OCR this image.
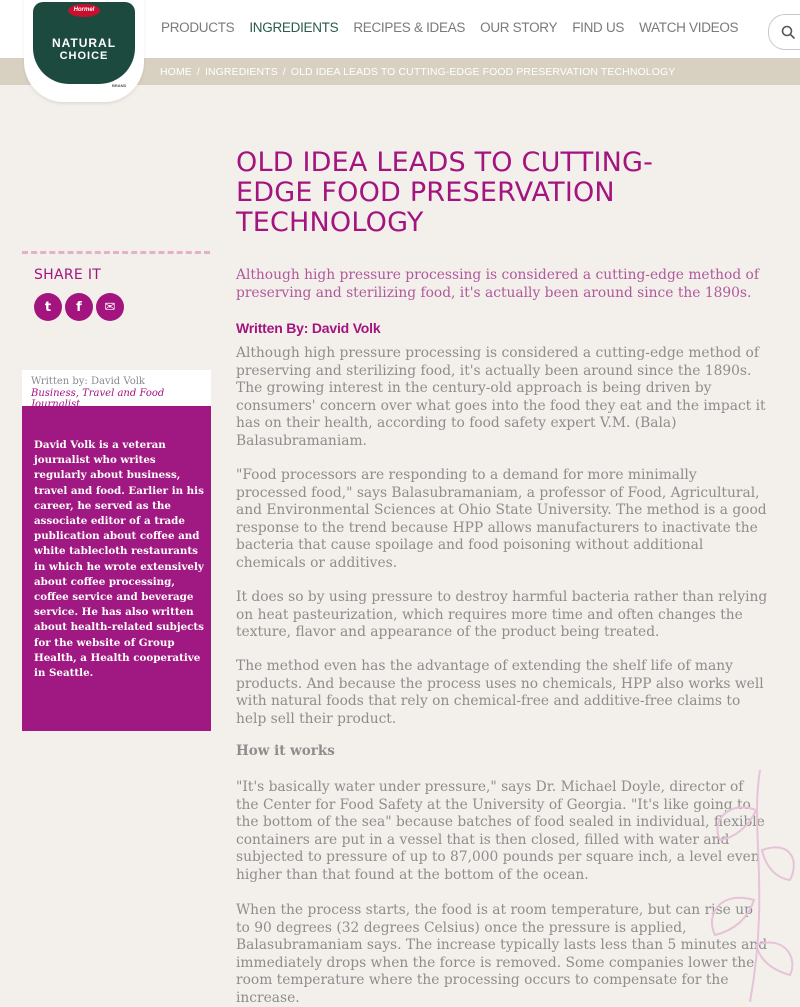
HOME / INGREDIENTS / OLD IDEA LEADS TO CUTTING-EDGE FOOD PRESERVATION TECHNOLOGY
Hormel
NATURAL
CHOICE
BRAND
PRODUCTS INGREDIENTS RECIPES & IDEAS OUR STORY FIND US WATCH VIDEOS
SHARE IT
t	f	✉
Written by: David Volk
Business, Travel and Food Journalist
David Volk is a veteran journalist who writes regularly about business, travel and food. Earlier in his career, he served as the associate editor of a trade publication about coffee and white tablecloth restaurants in which he wrote extensively about coffee processing, coffee service and beverage service. He has also written about health-related subjects for the website of Group Health, a Health cooperative in Seattle.
OLD IDEA LEADS TO CUTTING-EDGE FOOD PRESERVATION TECHNOLOGY

Although high pressure processing is considered a cutting-edge method of preserving and sterilizing food, it's actually been around since the 1890s.

Written By: David Volk

Although high pressure processing is considered a cutting-edge method of preserving and sterilizing food, it's actually been around since the 1890s. The growing interest in the century-old approach is being driven by consumers' concern over what goes into the food they eat and the impact it has on their health, according to food safety expert V.M. (Bala) Balasubramaniam.

"Food processors are responding to a demand for more minimally processed food," says Balasubramaniam, a professor of Food, Agricultural, and Environmental Sciences at Ohio State University. The method is a good response to the trend because HPP allows manufacturers to inactivate the bacteria that cause spoilage and food poisoning without additional chemicals or additives.

It does so by using pressure to destroy harmful bacteria rather than relying on heat pasteurization, which requires more time and often changes the texture, flavor and appearance of the product being treated.

The method even has the advantage of extending the shelf life of many products. And because the process uses no chemicals, HPP also works well with natural foods that rely on chemical-free and additive-free claims to help sell their product.

"It's basically water under pressure," says Dr. Michael Doyle, director of the Center for Food Safety at the University of Georgia. "It's like going to the bottom of the sea" because batches of food sealed in individual, flexible containers are put in a vessel that is then closed, filled with water and subjected to pressure of up to 87,000 pounds per square inch, a level even higher than that found at the bottom of the ocean.

When the process starts, the food is at room temperature, but can rise up to 90 degrees (32 degrees Celsius) once the pressure is applied, Balasubramaniam says. The increase typically lasts less than 5 minutes and immediately drops when the force is removed. Some companies lower the room temperature where the processing occurs to compensate for the increase.

How it works
